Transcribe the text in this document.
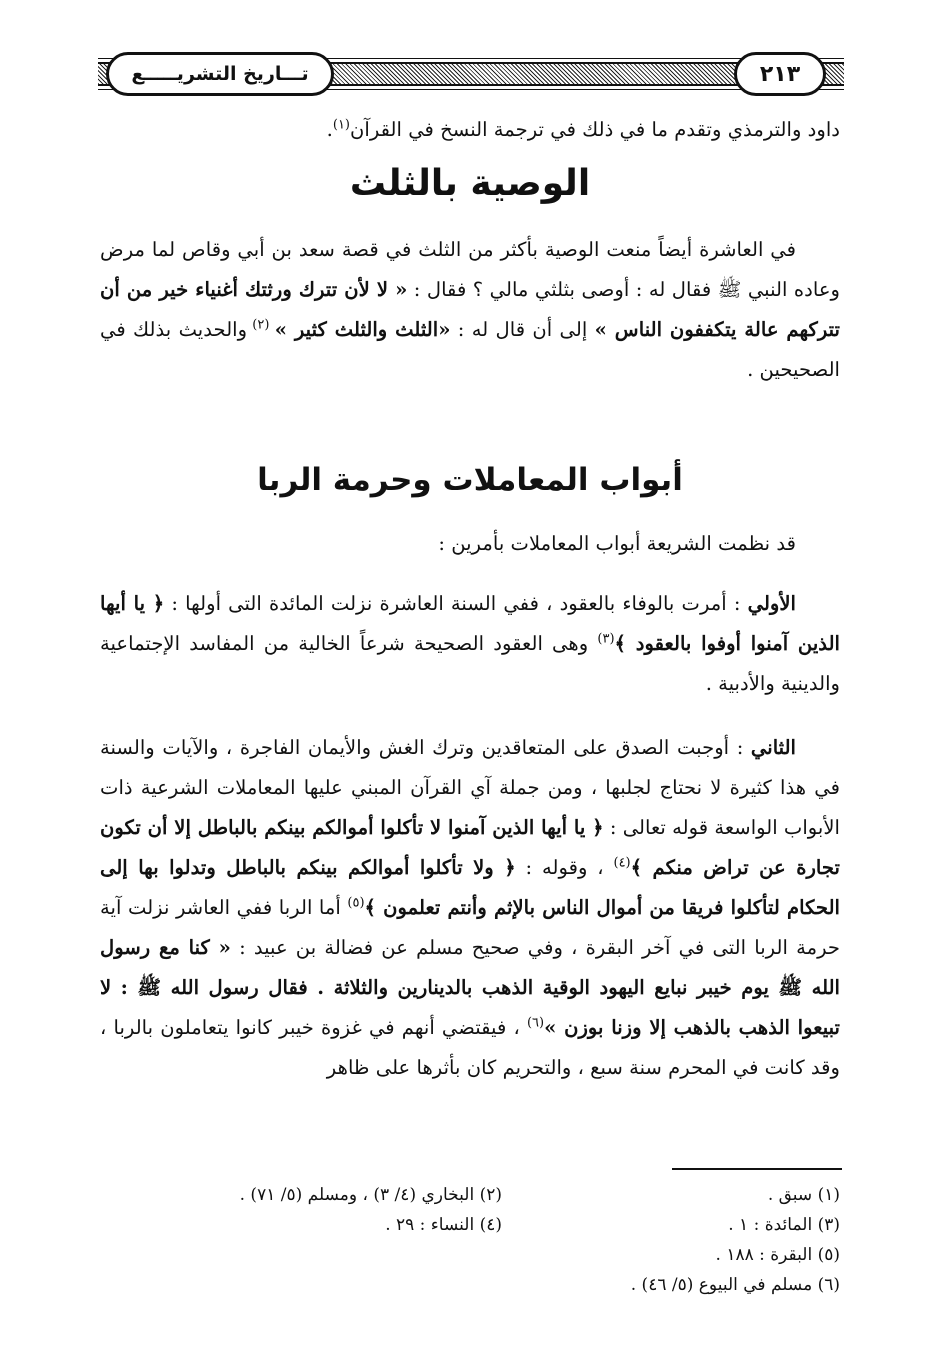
تـــاريخ التشريـــــع	٢١٣

داود والترمذي وتقدم ما في ذلك في ترجمة النسخ في القرآن$^{(١)}$.

الوصية بالثلث

في العاشرة أيضاً منعت الوصية بأكثر من الثلث في قصة سعد بن أبي وقاص لما مرض وعاده النبي ﷺ فقال له : أوصى بثلثي مالي ؟ فقال : « لا لأن تترك ورثتك أغنياء خير من أن تتركهم عالة يتكففون الناس » إلى أن قال له : «الثلث والثلث كثير » $^{(٢)}$ والحديث بذلك في الصحيحين .

أبواب المعاملات وحرمة الربا

قد نظمت الشريعة أبواب المعاملات بأمرين :

الأولي : أمرت بالوفاء بالعقود ، ففي السنة العاشرة نزلت المائدة التى أولها : ﴿ يا أيها الذين آمنوا أوفوا بالعقود ﴾$^{(٣)}$ وهى العقود الصحيحة شرعاً الخالية من المفاسد الإجتماعية والدينية والأدبية .

الثاني : أوجبت الصدق على المتعاقدين وترك الغش والأيمان الفاجرة ، والآيات والسنة في هذا كثيرة لا نحتاج لجلبها ، ومن جملة آي القرآن المبني عليها المعاملات الشرعية ذات الأبواب الواسعة قوله تعالى : ﴿ يا أيها الذين آمنوا لا تأكلوا أموالكم بينكم بالباطل إلا أن تكون تجارة عن تراض منكم ﴾$^{(٤)}$ ، وقوله : ﴿ ولا تأكلوا أموالكم بينكم بالباطل وتدلوا بها إلى الحكام لتأكلوا فريقا من أموال الناس بالإثم وأنتم تعلمون ﴾$^{(٥)}$ أما الربا ففي العاشر نزلت آية حرمة الربا التى في آخر البقرة ، وفي صحيح مسلم عن فضالة بن عبيد : « كنا مع رسول الله ﷺ يوم خيبر نبايع اليهود الوقية الذهب بالدينارين والثلاثة . فقال رسول الله ﷺ : لا تبيعوا الذهب بالذهب إلا وزنا بوزن »$^{(٦)}$ ، فيقتضي أنهم في غزوة خيبر كانوا يتعاملون بالربا ، وقد كانت في المحرم سنة سبع ، والتحريم كان بأثرها على ظاهر

(١) سبق .
(٢) البخاري (٤/ ٣) ، ومسلم (٥/ ٧١) .
(٣) المائدة : ١ .
(٤) النساء : ٢٩ .
(٥) البقرة : ١٨٨ .
(٦) مسلم في البيوع (٥/ ٤٦) .
